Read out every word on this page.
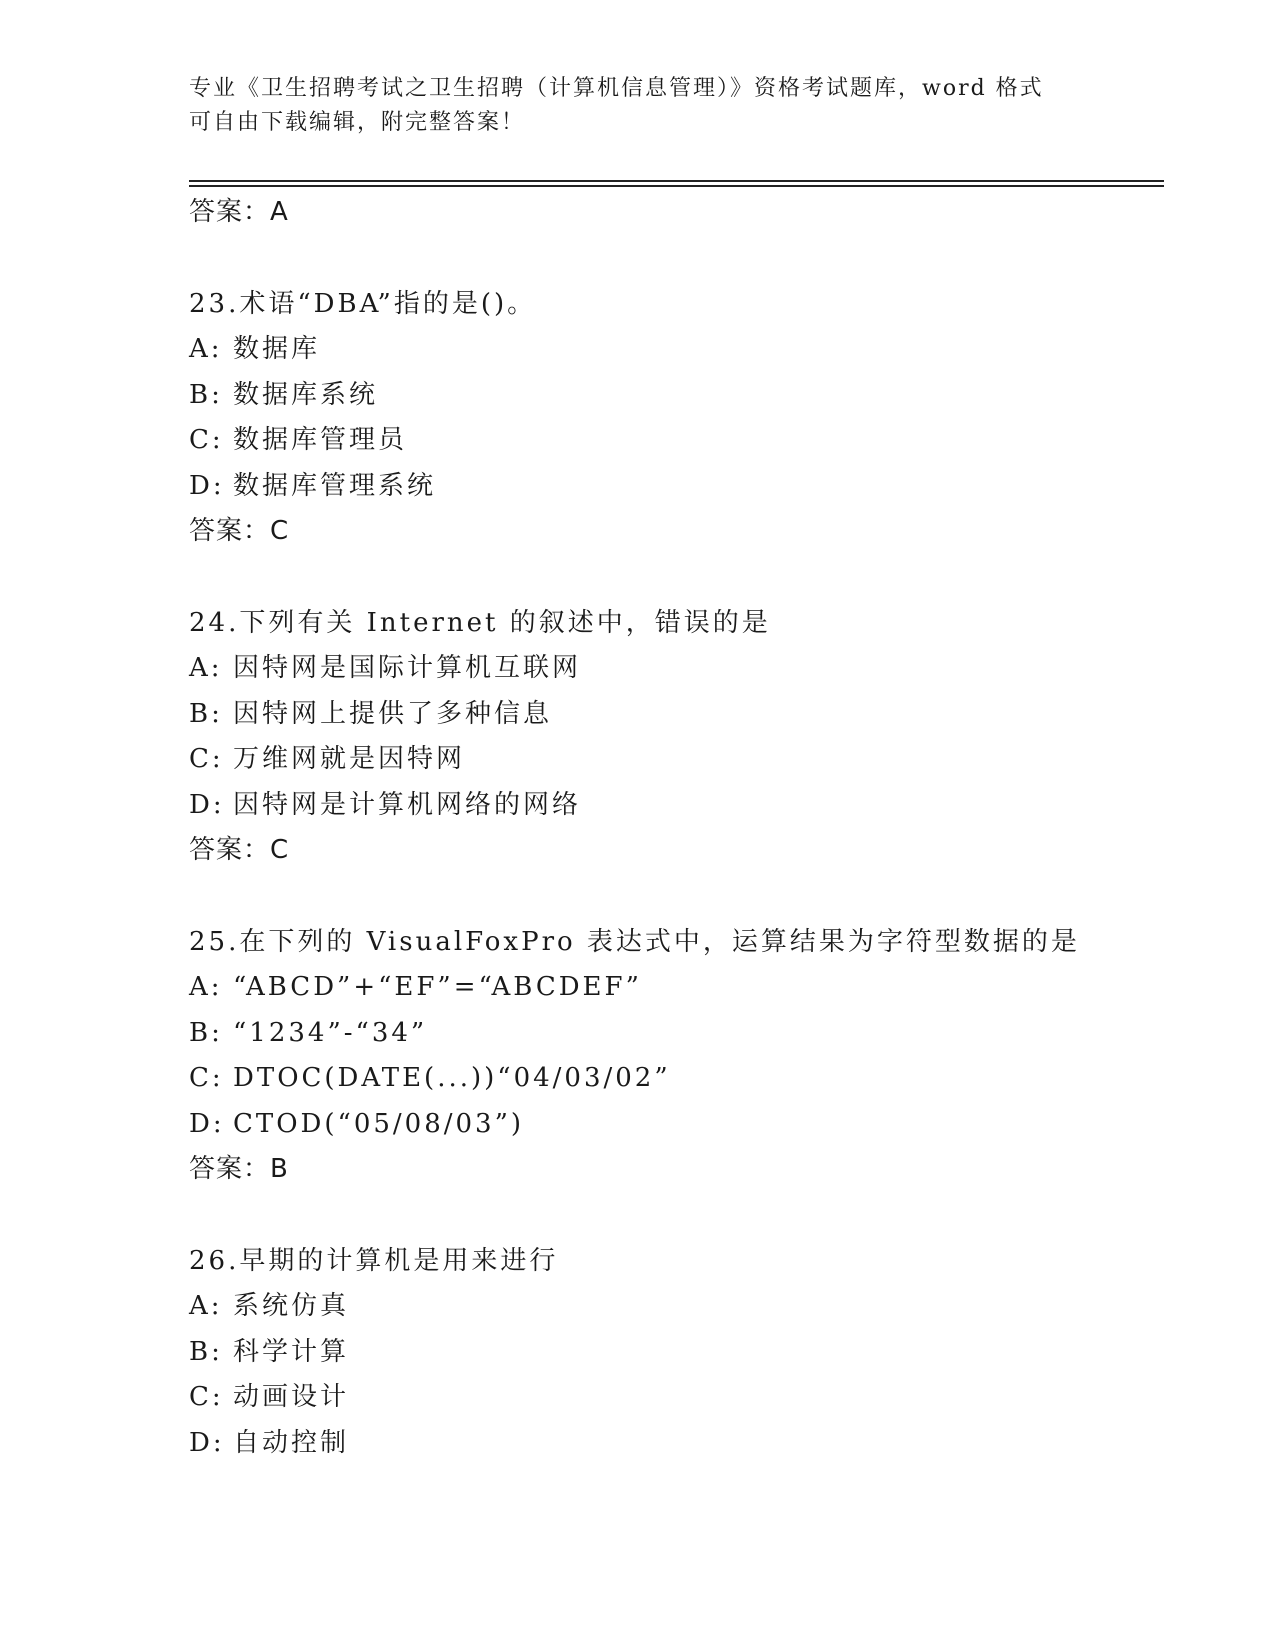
专业《卫生招聘考试之卫生招聘（计算机信息管理）》资格考试题库，word 格式
可自由下载编辑，附完整答案！
答案：A
23.术语“DBA”指的是()。
A: 数据库
B: 数据库系统
C: 数据库管理员
D: 数据库管理系统
答案：C
24.下列有关 Internet 的叙述中，错误的是
A: 因特网是国际计算机互联网
B: 因特网上提供了多种信息
C: 万维网就是因特网
D: 因特网是计算机网络的网络
答案：C
25.在下列的 VisualFoxPro 表达式中，运算结果为字符型数据的是
A: “ABCD”+“EF”=“ABCDEF”
B: “1234”-“34”
C: DTOC(DATE(...))“04/03/02”
D: CTOD(“05/08/03”)
答案：B
26.早期的计算机是用来进行
A: 系统仿真
B: 科学计算
C: 动画设计
D: 自动控制
